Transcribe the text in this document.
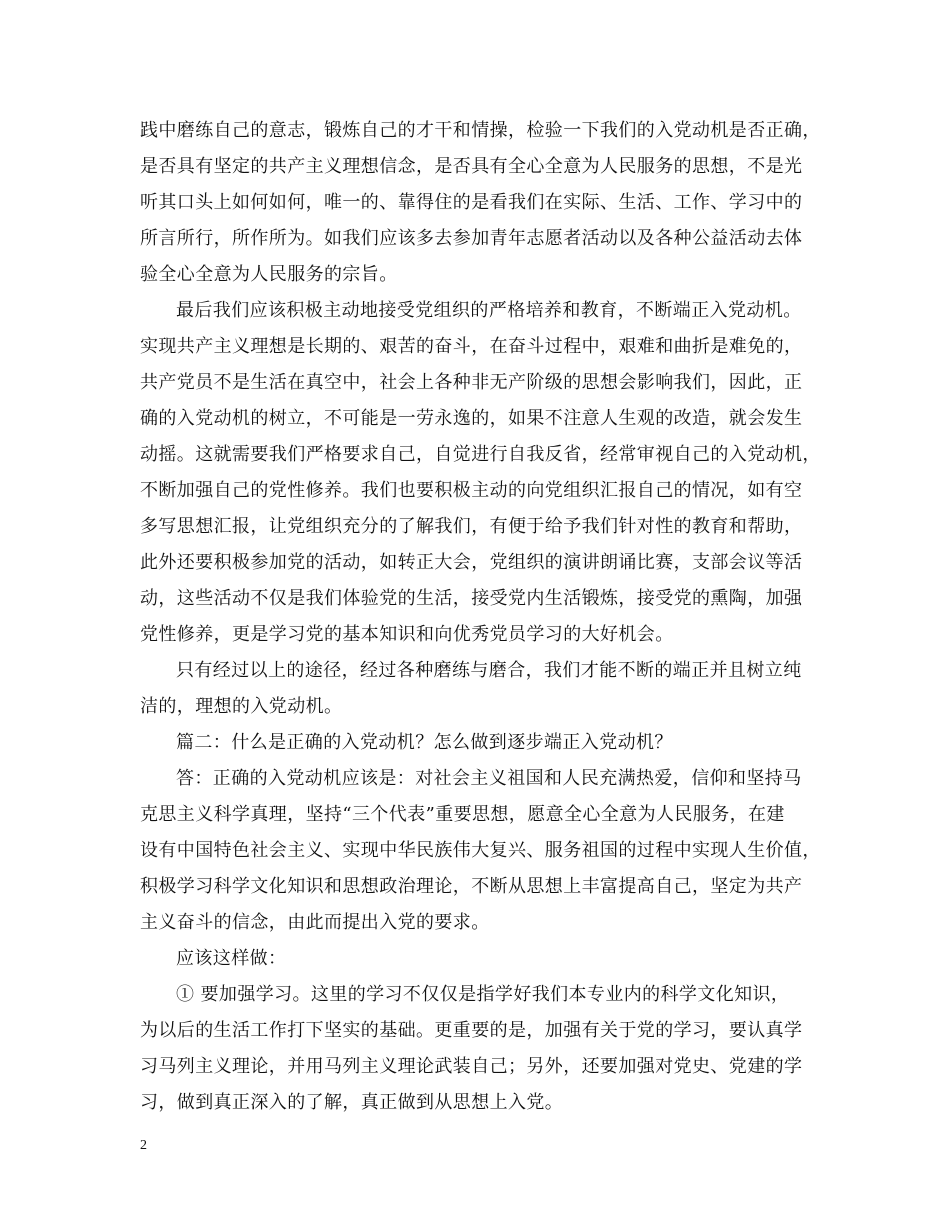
践中磨练自己的意志，锻炼自己的才干和情操，检验一下我们的入党动机是否正确，
是否具有坚定的共产主义理想信念，是否具有全心全意为人民服务的思想，不是光
听其口头上如何如何，唯一的、靠得住的是看我们在实际、生活、工作、学习中的
所言所行，所作所为。如我们应该多去参加青年志愿者活动以及各种公益活动去体
验全心全意为人民服务的宗旨。

最后我们应该积极主动地接受党组织的严格培养和教育，不断端正入党动机。
实现共产主义理想是长期的、艰苦的奋斗，在奋斗过程中，艰难和曲折是难免的，
共产党员不是生活在真空中，社会上各种非无产阶级的思想会影响我们，因此，正
确的入党动机的树立，不可能是一劳永逸的，如果不注意人生观的改造，就会发生
动摇。这就需要我们严格要求自己，自觉进行自我反省，经常审视自己的入党动机，
不断加强自己的党性修养。我们也要积极主动的向党组织汇报自己的情况，如有空
多写思想汇报，让党组织充分的了解我们，有便于给予我们针对性的教育和帮助，
此外还要积极参加党的活动，如转正大会，党组织的演讲朗诵比赛，支部会议等活
动，这些活动不仅是我们体验党的生活，接受党内生活锻炼，接受党的熏陶，加强
党性修养，更是学习党的基本知识和向优秀党员学习的大好机会。

只有经过以上的途径，经过各种磨练与磨合，我们才能不断的端正并且树立纯
洁的，理想的入党动机。

篇二：什么是正确的入党动机？怎么做到逐步端正入党动机？

答：正确的入党动机应该是：对社会主义祖国和人民充满热爱，信仰和坚持马
克思主义科学真理，坚持“三个代表”重要思想，愿意全心全意为人民服务，在建
设有中国特色社会主义、实现中华民族伟大复兴、服务祖国的过程中实现人生价值，
积极学习科学文化知识和思想政治理论，不断从思想上丰富提高自己，坚定为共产
主义奋斗的信念，由此而提出入党的要求。

应该这样做：

① 要加强学习。这里的学习不仅仅是指学好我们本专业内的科学文化知识，
为以后的生活工作打下坚实的基础。更重要的是，加强有关于党的学习，要认真学
习马列主义理论，并用马列主义理论武装自己；另外，还要加强对党史、党建的学
习，做到真正深入的了解，真正做到从思想上入党。

2
